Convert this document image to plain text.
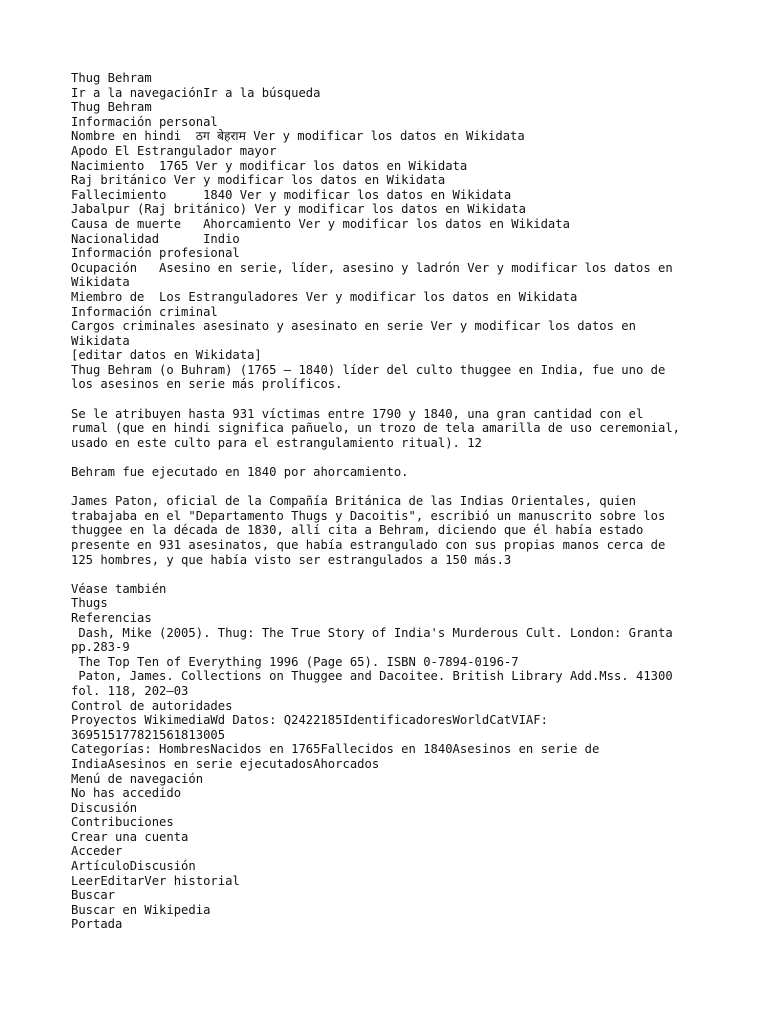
Thug Behram
Ir a la navegaciónIr a la búsqueda
Thug Behram
Información personal
Nombre en hindi  ठग बेहराम Ver y modificar los datos en Wikidata
Apodo El Estrangulador mayor
Nacimiento  1765 Ver y modificar los datos en Wikidata
Raj británico Ver y modificar los datos en Wikidata
Fallecimiento     1840 Ver y modificar los datos en Wikidata
Jabalpur (Raj británico) Ver y modificar los datos en Wikidata
Causa de muerte   Ahorcamiento Ver y modificar los datos en Wikidata
Nacionalidad      Indio
Información profesional
Ocupación   Asesino en serie, líder, asesino y ladrón Ver y modificar los datos en
Wikidata
Miembro de  Los Estranguladores Ver y modificar los datos en Wikidata
Información criminal
Cargos criminales asesinato y asesinato en serie Ver y modificar los datos en
Wikidata
[editar datos en Wikidata]
Thug Behram (o Buhram) (1765 – 1840) líder del culto thuggee en India, fue uno de
los asesinos en serie más prolíficos.
Se le atribuyen hasta 931 víctimas entre 1790 y 1840, una gran cantidad con el
rumal (que en hindi significa pañuelo, un trozo de tela amarilla de uso ceremonial,
usado en este culto para el estrangulamiento ritual). 12
Behram fue ejecutado en 1840 por ahorcamiento.
James Paton, oficial de la Compañía Británica de las Indias Orientales, quien
trabajaba en el "Departamento Thugs y Dacoitis", escribió un manuscrito sobre los
thuggee en la década de 1830, allí cita a Behram, diciendo que él había estado
presente en 931 asesinatos, que había estrangulado con sus propias manos cerca de
125 hombres, y que había visto ser estrangulados a 150 más.3
Véase también
Thugs
Referencias
Dash, Mike (2005). Thug: The True Story of India's Murderous Cult. London: Granta
pp.283-9
The Top Ten of Everything 1996 (Page 65). ISBN 0-7894-0196-7
Paton, James. Collections on Thuggee and Dacoitee. British Library Add.Mss. 41300
fol. 118, 202–03
Control de autoridades
Proyectos WikimediaWd Datos: Q2422185IdentificadoresWorldCatVIAF:
369515177821561813005
Categorías: HombresNacidos en 1765Fallecidos en 1840Asesinos en serie de
IndiaAsesinos en serie ejecutadosAhorcados
Menú de navegación
No has accedido
Discusión
Contribuciones
Crear una cuenta
Acceder
ArtículoDiscusión
LeerEditarVer historial
Buscar
Buscar en Wikipedia
Portada
